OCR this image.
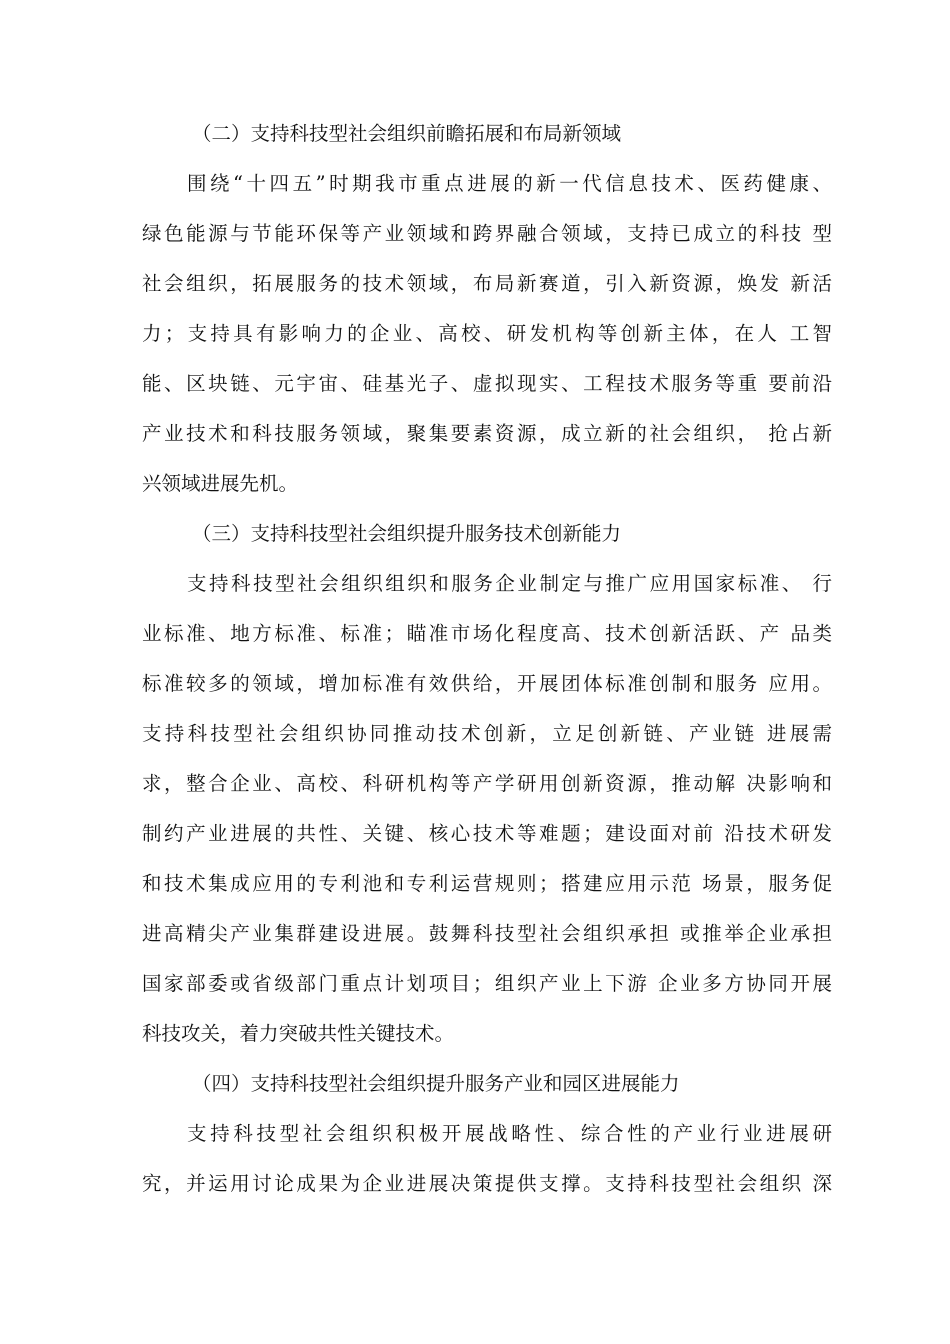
（二）支持科技型社会组织前瞻拓展和布局新领域
围绕“十四五”时期我市重点进展的新一代信息技术、医药健康、
绿色能源与节能环保等产业领域和跨界融合领域，支持已成立的科技 型
社会组织，拓展服务的技术领域，布局新赛道，引入新资源，焕发 新活
力；支持具有影响力的企业、高校、研发机构等创新主体，在人 工智
能、区块链、元宇宙、硅基光子、虚拟现实、工程技术服务等重 要前沿
产业技术和科技服务领域，聚集要素资源，成立新的社会组织， 抢占新
兴领域进展先机。
（三）支持科技型社会组织提升服务技术创新能力
支持科技型社会组织组织和服务企业制定与推广应用国家标准、 行
业标准、地方标准、标准；瞄准市场化程度高、技术创新活跃、产 品类
标准较多的领域，增加标准有效供给，开展团体标准创制和服务 应用。
支持科技型社会组织协同推动技术创新，立足创新链、产业链 进展需
求，整合企业、高校、科研机构等产学研用创新资源，推动解 决影响和
制约产业进展的共性、关键、核心技术等难题；建设面对前 沿技术研发
和技术集成应用的专利池和专利运营规则；搭建应用示范 场景，服务促
进高精尖产业集群建设进展。鼓舞科技型社会组织承担 或推举企业承担
国家部委或省级部门重点计划项目；组织产业上下游 企业多方协同开展
科技攻关，着力突破共性关键技术。
（四）支持科技型社会组织提升服务产业和园区进展能力
支持科技型社会组织积极开展战略性、综合性的产业行业进展研
究，并运用讨论成果为企业进展决策提供支撑。支持科技型社会组织 深
